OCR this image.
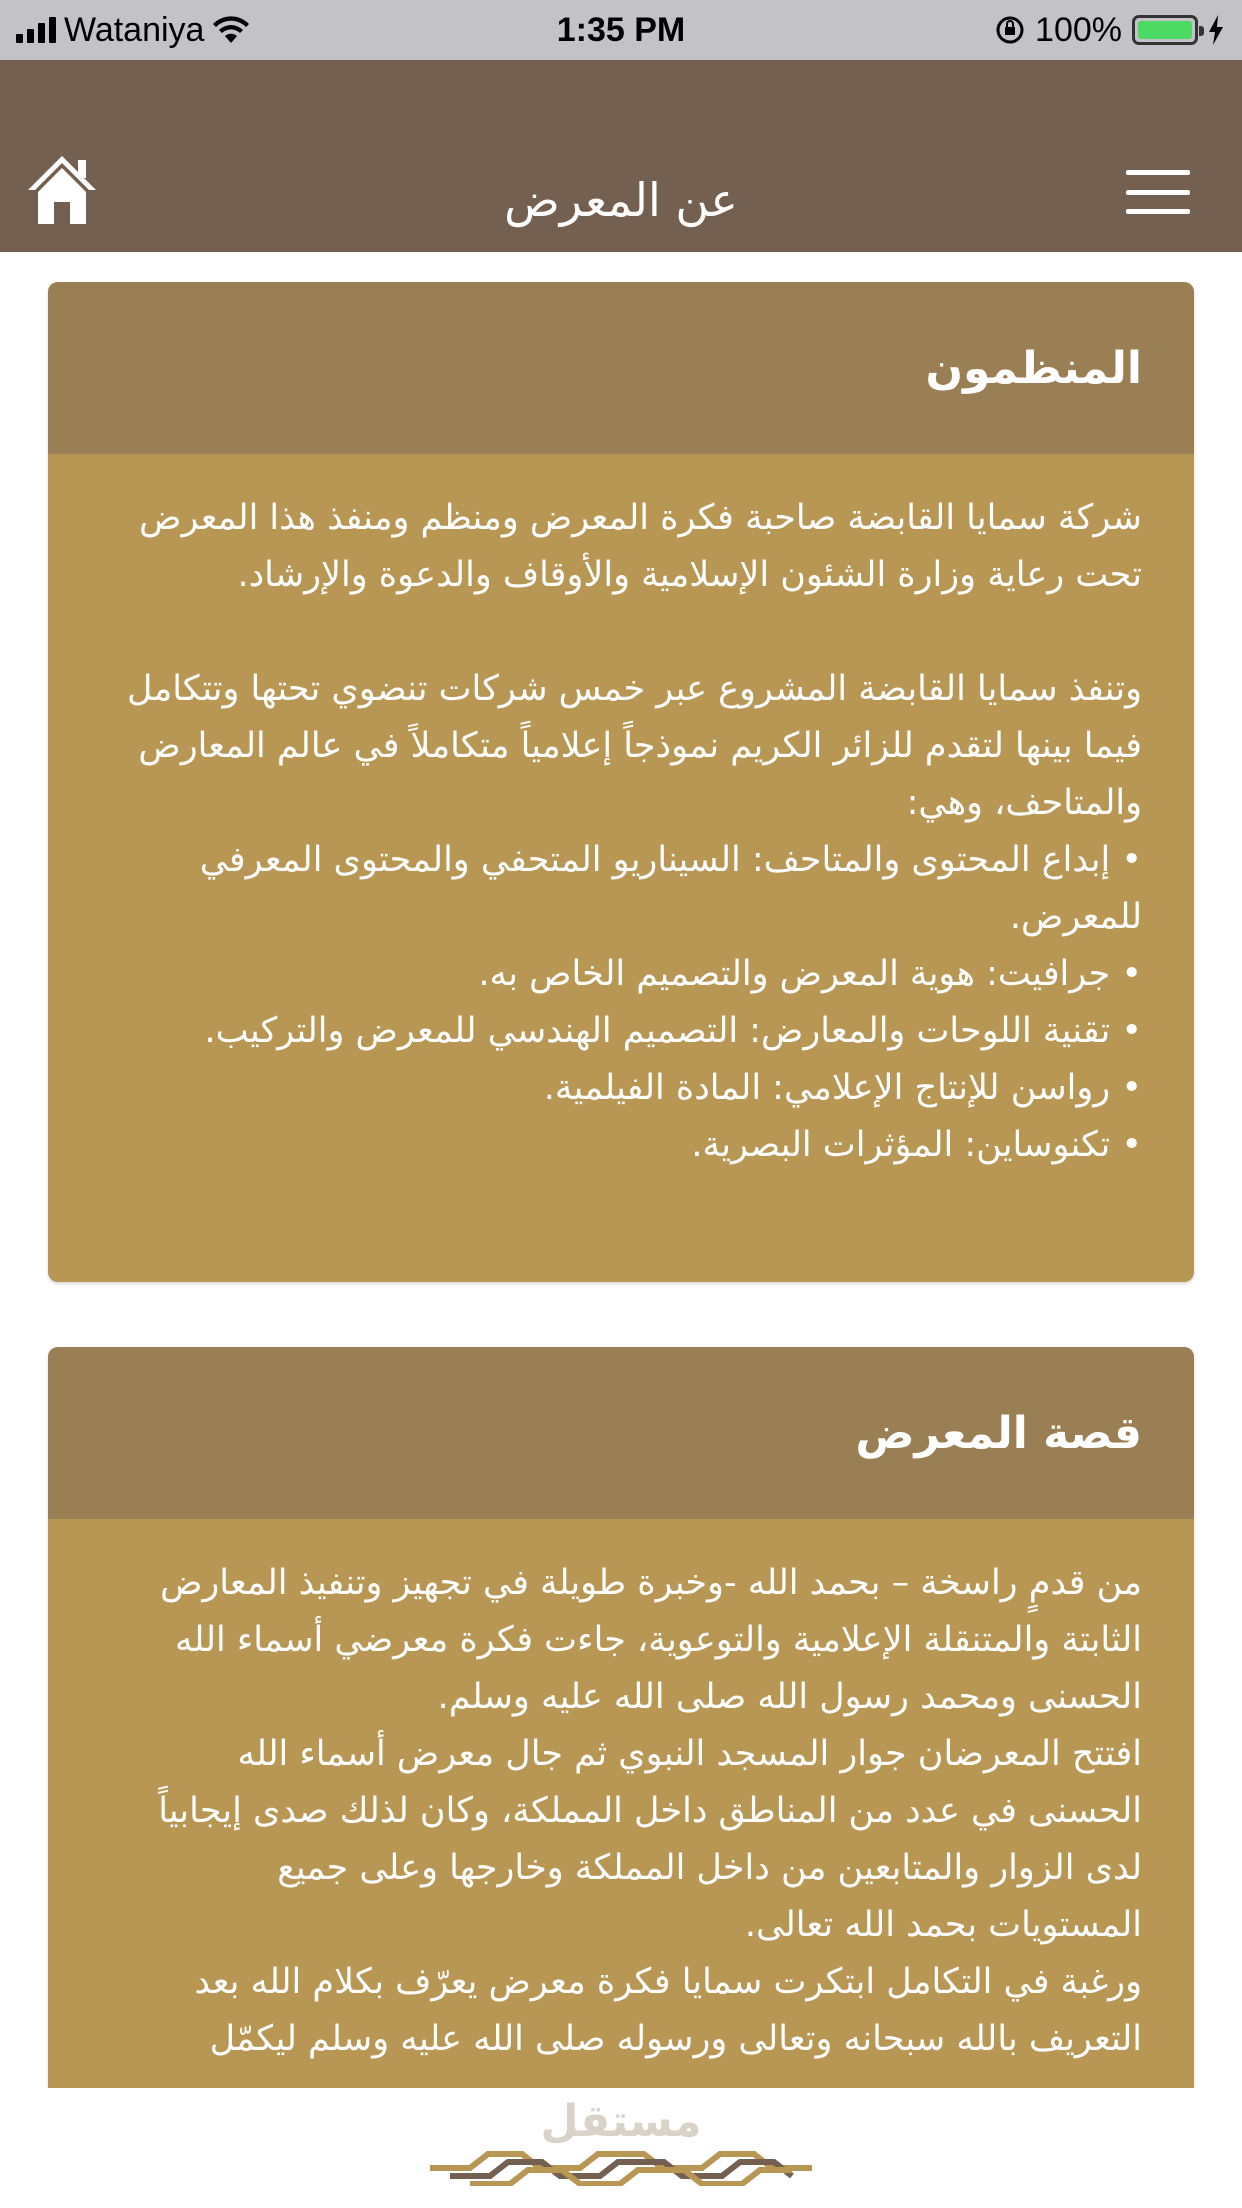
Wataniya	1:35 PM	100%
عن المعرض
المنظمون

شركة سمايا القابضة صاحبة فكرة المعرض ومنظم ومنفذ هذا المعرض تحت رعاية وزارة الشئون الإسلامية والأوقاف والدعوة والإرشاد.

وتنفذ سمايا القابضة المشروع عبر خمس شركات تنضوي تحتها وتتكامل فيما بينها لتقدم للزائر الكريم نموذجاً إعلامياً متكاملاً في عالم المعارض والمتاحف، وهي:

• إبداع المحتوى والمتاحف: السيناريو المتحفي والمحتوى المعرفي للمعرض.
• جرافيت: هوية المعرض والتصميم الخاص به.
• تقنية اللوحات والمعارض: التصميم الهندسي للمعرض والتركيب.
• رواسن للإنتاج الإعلامي: المادة الفيلمية.
• تكنوساين: المؤثرات البصرية.
قصة المعرض

من قدمٍ راسخة – بحمد الله -وخبرة طويلة في تجهيز وتنفيذ المعارض الثابتة والمتنقلة الإعلامية والتوعوية، جاءت فكرة معرضي أسماء الله الحسنى ومحمد رسول الله صلى الله عليه وسلم.

افتتح المعرضان جوار المسجد النبوي ثم جال معرض أسماء الله الحسنى في عدد من المناطق داخل المملكة، وكان لذلك صدى إيجابياً لدى الزوار والمتابعين من داخل المملكة وخارجها وعلى جميع المستويات بحمد الله تعالى.

ورغبة في التكامل ابتكرت سمايا فكرة معرض يعرّف بكلام الله بعد التعريف بالله سبحانه وتعالى ورسوله صلى الله عليه وسلم ليكمّل

مستقل
